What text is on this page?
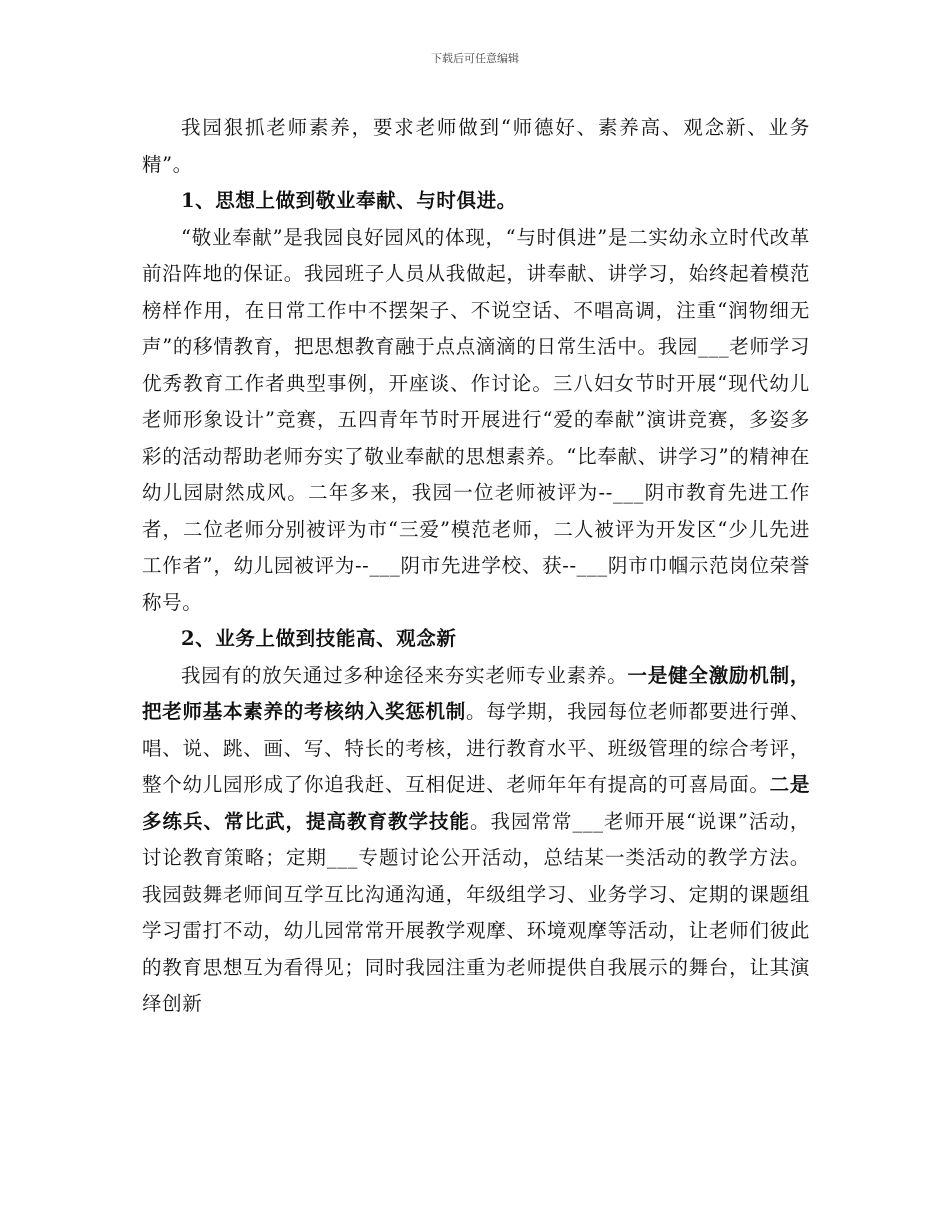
下载后可任意编辑

我园狠抓老师素养，要求老师做到“师德好、素养高、观念新、业务精”。

1、思想上做到敬业奉献、与时俱进。

“敬业奉献”是我园良好园风的体现，“与时俱进”是二实幼永立时代改革前沿阵地的保证。我园班子人员从我做起，讲奉献、讲学习，始终起着模范榜样作用，在日常工作中不摆架子、不说空话、不唱高调，注重“润物细无声”的移情教育，把思想教育融于点点滴滴的日常生活中。我园___老师学习优秀教育工作者典型事例，开座谈、作讨论。三八妇女节时开展“现代幼儿老师形象设计”竞赛，五四青年节时开展进行“爱的奉献”演讲竞赛，多姿多彩的活动帮助老师夯实了敬业奉献的思想素养。“比奉献、讲学习”的精神在幼儿园尉然成风。二年多来，我园一位老师被评为--___阴市教育先进工作者，二位老师分别被评为市“三爱”模范老师，二人被评为开发区“少儿先进工作者”，幼儿园被评为--___阴市先进学校、获--___阴市巾帼示范岗位荣誉称号。

2、业务上做到技能高、观念新

我园有的放矢通过多种途径来夯实老师专业素养。一是健全激励机制，把老师基本素养的考核纳入奖惩机制。每学期，我园每位老师都要进行弹、唱、说、跳、画、写、特长的考核，进行教育水平、班级管理的综合考评，整个幼儿园形成了你追我赶、互相促进、老师年年有提高的可喜局面。二是多练兵、常比武，提高教育教学技能。我园常常___老师开展“说课”活动，讨论教育策略；定期___专题讨论公开活动，总结某一类活动的教学方法。我园鼓舞老师间互学互比沟通沟通，年级组学习、业务学习、定期的课题组学习雷打不动，幼儿园常常开展教学观摩、环境观摩等活动，让老师们彼此的教育思想互为看得见；同时我园注重为老师提供自我展示的舞台，让其演绎创新
